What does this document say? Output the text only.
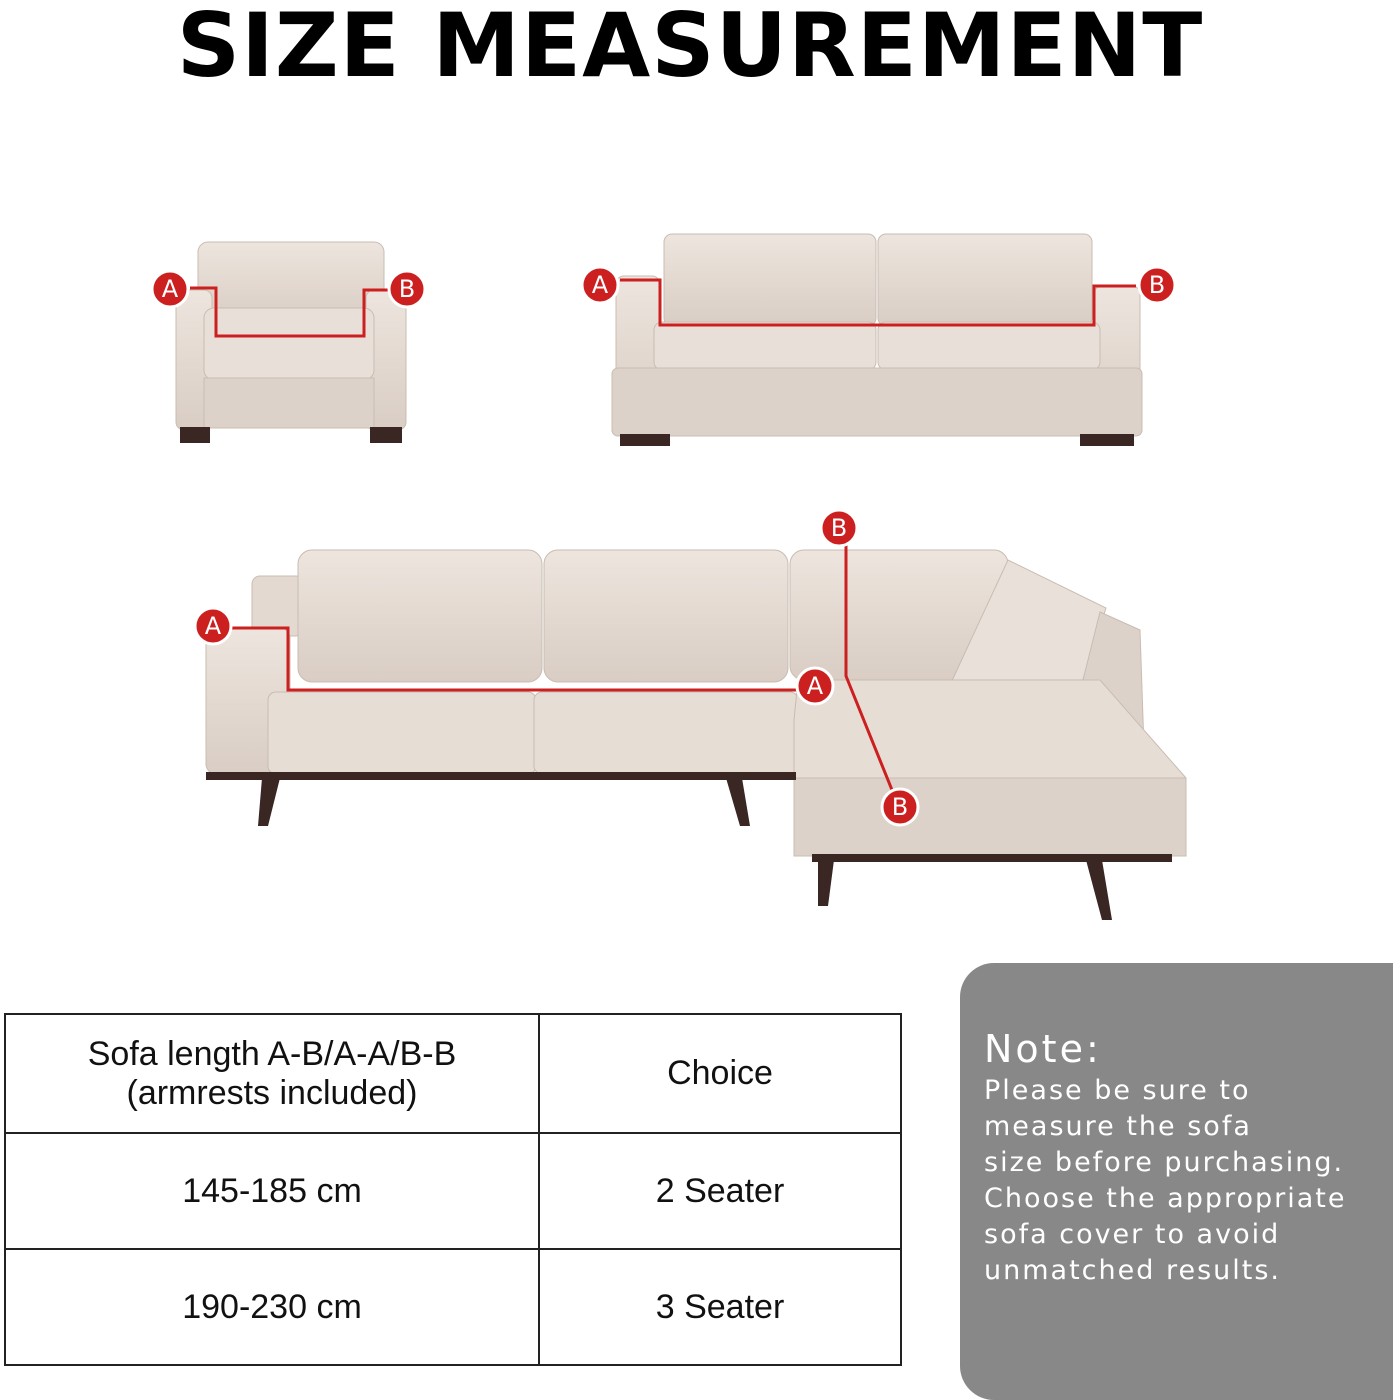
SIZE MEASUREMENT
A	B	A	B
B
A
A
B
Sofa length A-B/A-A/B-B
(armrests included)	Choice
145-185 cm	2 Seater
190-230 cm	3 Seater
Note:
Please be sure to
measure the sofa
size before purchasing.
Choose the appropriate
sofa cover to avoid
unmatched results.
